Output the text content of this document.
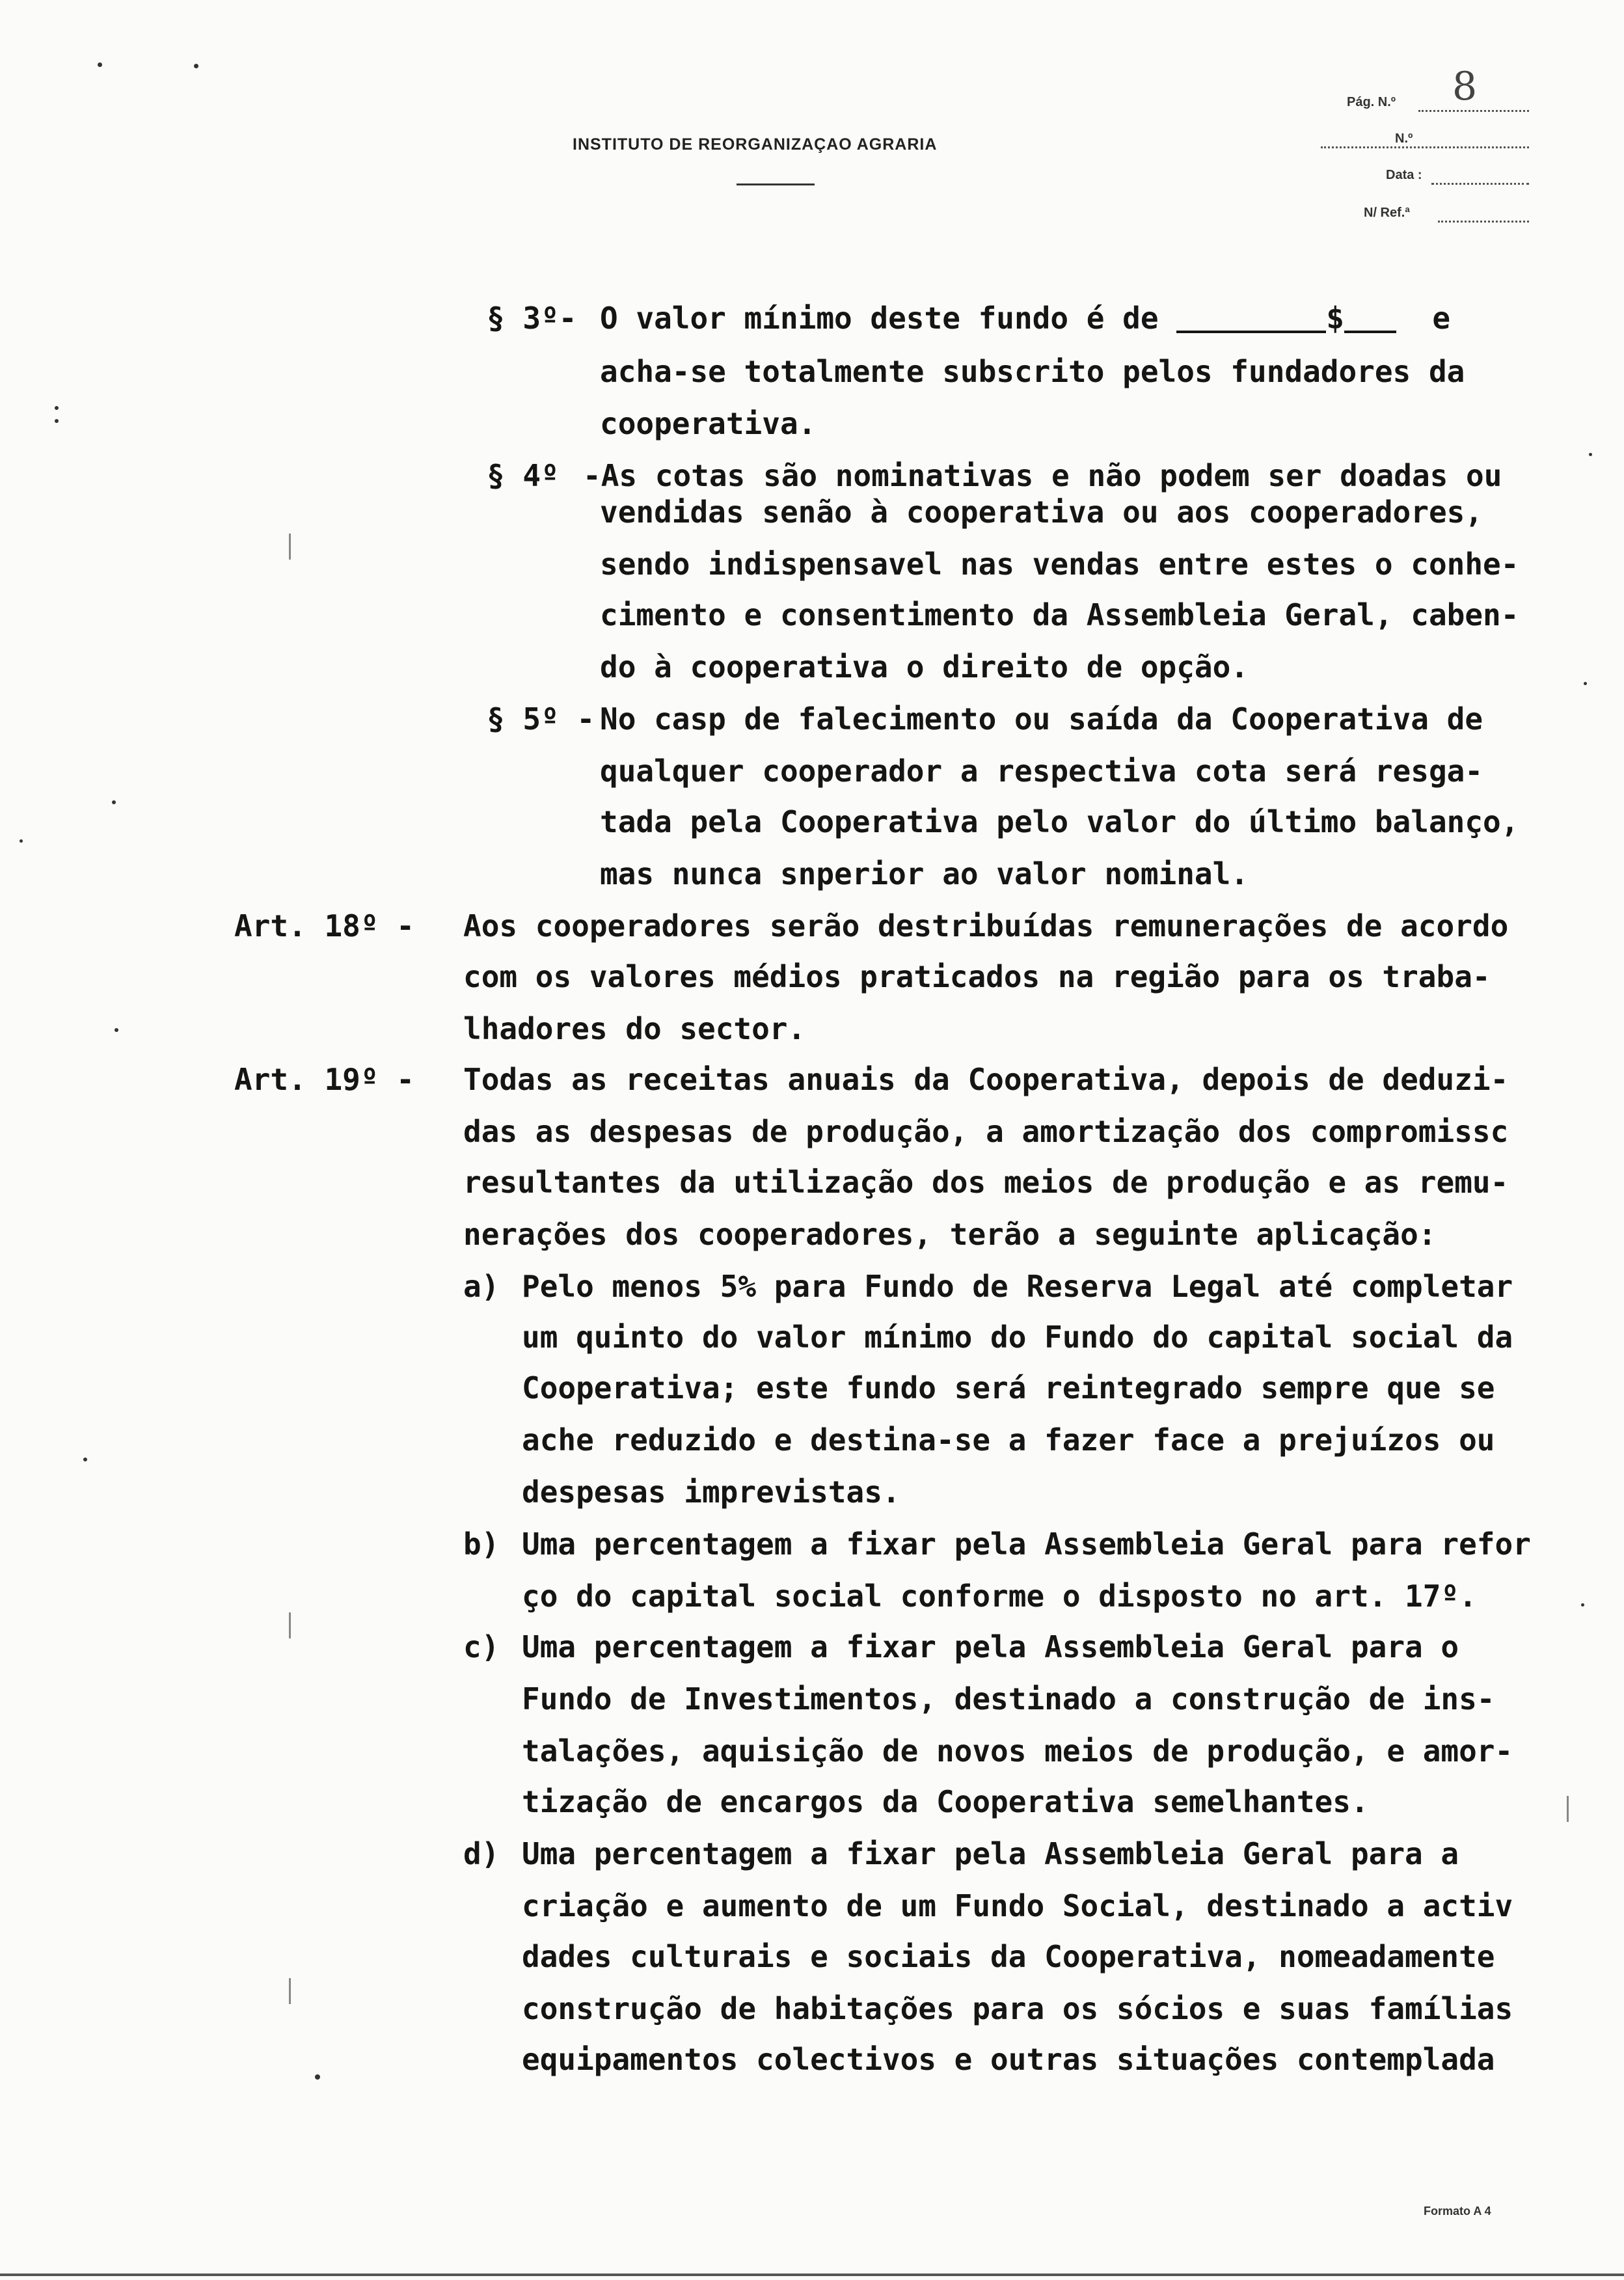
INSTITUTO DE REORGANIZAÇAO AGRARIA
Pág. N.º 8
N.º
Data :
N/ Ref.ª
§ 3º- O valor mínimo deste fundo é de	$	e
acha-se totalmente subscrito pelos fundadores da
cooperativa.
§ 4º -As cotas são nominativas e não podem ser doadas ou
vendidas senão à cooperativa ou aos cooperadores,
sendo indispensavel nas vendas entre estes o conhe-
cimento e consentimento da Assembleia Geral, caben-
do à cooperativa o direito de opção.
§ 5º - No casp de falecimento ou saída da Cooperativa de
qualquer cooperador a respectiva cota será resga-
tada pela Cooperativa pelo valor do último balanço,
mas nunca snperior ao valor nominal.
Art. 18º - Aos cooperadores serão destribuídas remunerações de acordo
com os valores médios praticados na região para os traba-
lhadores do sector.
Art. 19º - Todas as receitas anuais da Cooperativa, depois de deduzi-
das as despesas de produção, a amortização dos compromissc
resultantes da utilização dos meios de produção e as remu-
nerações dos cooperadores, terão a seguinte aplicação:
a) Pelo menos 5% para Fundo de Reserva Legal até completar
um quinto do valor mínimo do Fundo do capital social da
Cooperativa; este fundo será reintegrado sempre que se
ache reduzido e destina-se a fazer face a prejuízos ou
despesas imprevistas.
b) Uma percentagem a fixar pela Assembleia Geral para refor
ço do capital social conforme o disposto no art. 17º.
c) Uma percentagem a fixar pela Assembleia Geral para o
Fundo de Investimentos, destinado a construção de ins-
talações, aquisição de novos meios de produção, e amor-
tização de encargos da Cooperativa semelhantes.
d) Uma percentagem a fixar pela Assembleia Geral para a
criação e aumento de um Fundo Social, destinado a activ
dades culturais e sociais da Cooperativa, nomeadamente
construção de habitações para os sócios e suas famílias
equipamentos colectivos e outras situações contemplada
Formato A 4
